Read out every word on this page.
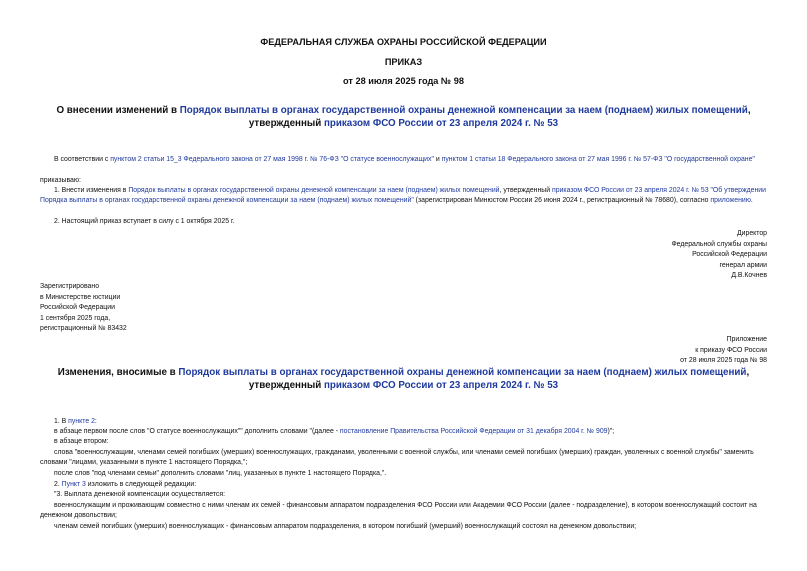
ФЕДЕРАЛЬНАЯ СЛУЖБА ОХРАНЫ РОССИЙСКОЙ ФЕДЕРАЦИИ
ПРИКАЗ
от 28 июля 2025 года № 98
О внесении изменений в Порядок выплаты в органах государственной охраны денежной компенсации за наем (поднаем) жилых помещений, утвержденный приказом ФСО России от 23 апреля 2024 г. № 53
В соответствии с пунктом 2 статьи 15_3 Федерального закона от 27 мая 1998 г. № 76-ФЗ "О статусе военнослужащих" и пунктом 1 статьи 18 Федерального закона от 27 мая 1996 г. № 57-ФЗ "О государственной охране"
приказываю:
1. Внести изменения в Порядок выплаты в органах государственной охраны денежной компенсации за наем (поднаем) жилых помещений, утвержденный приказом ФСО России от 23 апреля 2024 г. № 53 "Об утверждении Порядка выплаты в органах государственной охраны денежной компенсации за наем (поднаем) жилых помещений" (зарегистрирован Минюстом России 26 июня 2024 г., регистрационный № 78680), согласно приложению.
2. Настоящий приказ вступает в силу с 1 октября 2025 г.
Директор
Федеральной службы охраны
Российской Федерации
генерал армии
Д.В.Кочнев
Зарегистрировано
в Министерстве юстиции
Российской Федерации
1 сентября 2025 года,
регистрационный № 83432
Приложение
к приказу ФСО России
от 28 июля 2025 года № 98
Изменения, вносимые в Порядок выплаты в органах государственной охраны денежной компенсации за наем (поднаем) жилых помещений, утвержденный приказом ФСО России от 23 апреля 2024 г. № 53
1. В пункте 2:
в абзаце первом после слов "О статусе военнослужащих"" дополнить словами "(далее - постановление Правительства Российской Федерации от 31 декабря 2004 г. № 909)";
в абзаце втором:
слова "военнослужащим, членами семей погибших (умерших) военнослужащих, гражданами, уволенными с военной службы, или членами семей погибших (умерших) граждан, уволенных с военной службы" заменить словами "лицами, указанными в пункте 1 настоящего Порядка,";
после слов "под членами семьи" дополнить словами "лиц, указанных в пункте 1 настоящего Порядка,".
2. Пункт 3 изложить в следующей редакции:
"3. Выплата денежной компенсации осуществляется:
военнослужащим и проживающим совместно с ними членам их семей - финансовым аппаратом подразделения ФСО России или Академии ФСО России (далее - подразделение), в котором военнослужащий состоит на денежном довольствии;
членам семей погибших (умерших) военнослужащих - финансовым аппаратом подразделения, в котором погибший (умерший) военнослужащий состоял на денежном довольствии;
